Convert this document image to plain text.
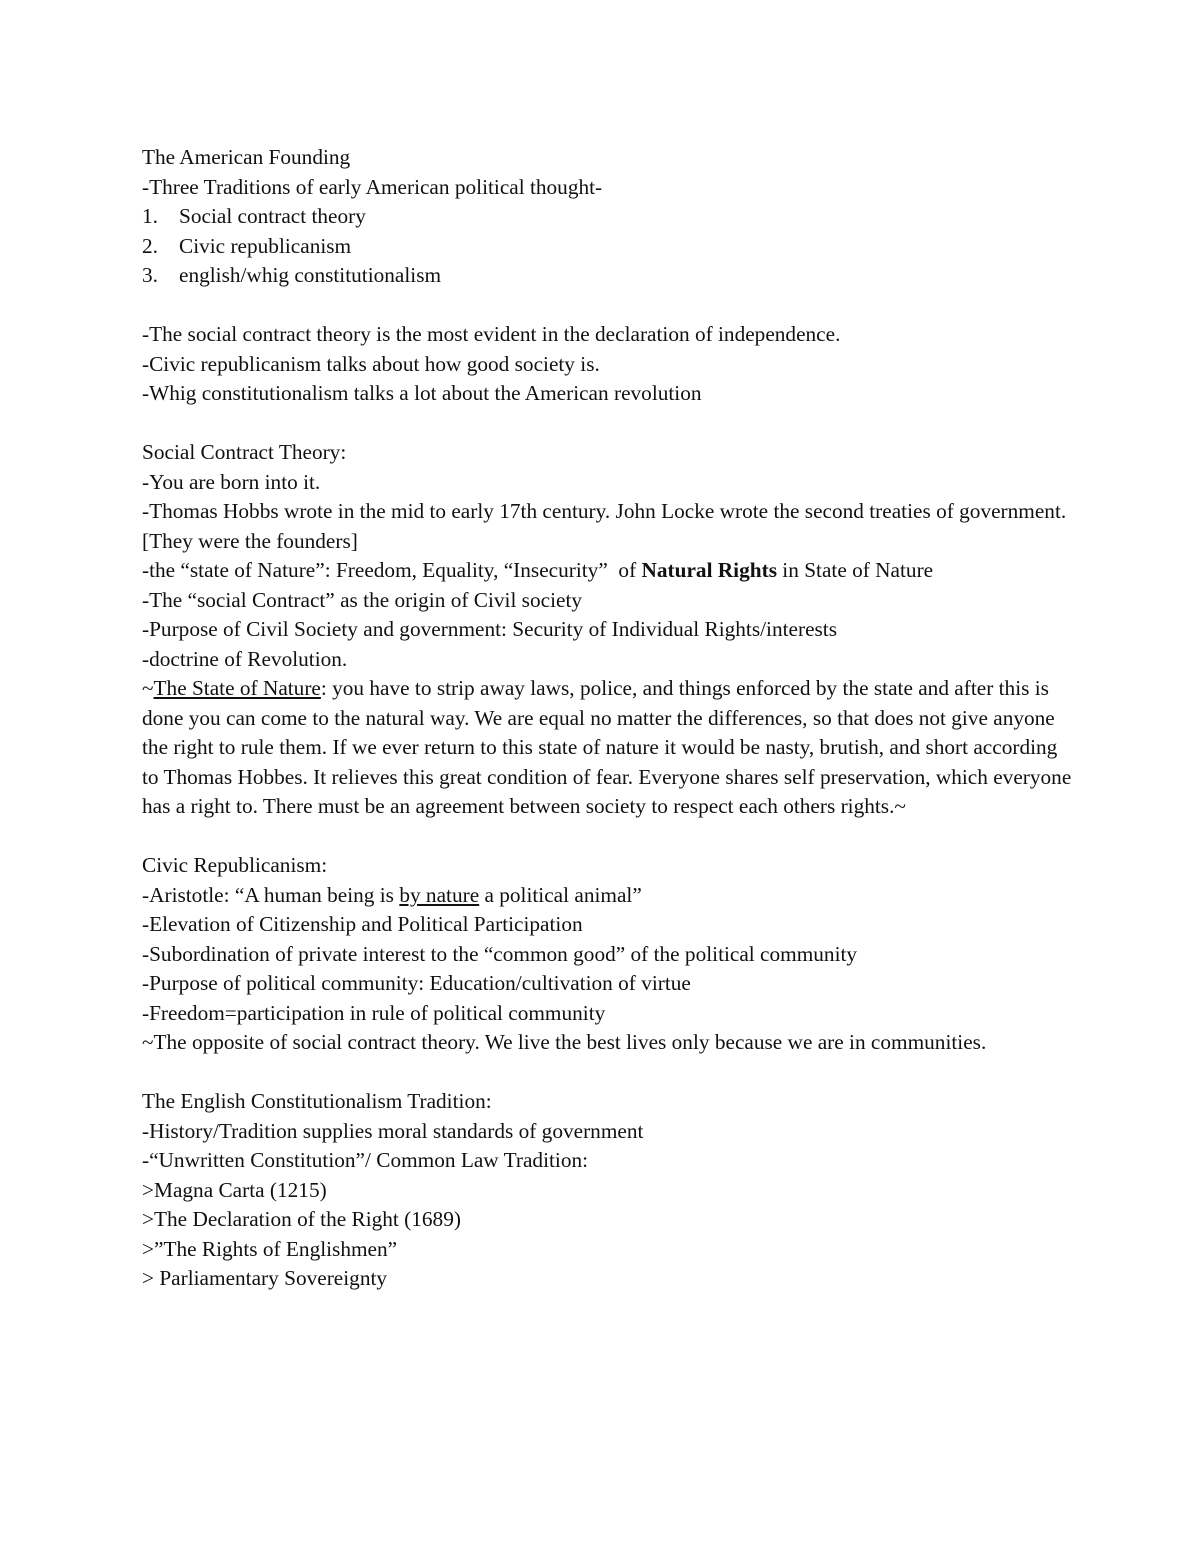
The American Founding
-Three Traditions of early American political thought-
1. Social contract theory
2. Civic republicanism
3. english/whig constitutionalism
-The social contract theory is the most evident in the declaration of independence.
-Civic republicanism talks about how good society is.
-Whig constitutionalism talks a lot about the American revolution
Social Contract Theory:
-You are born into it.
-Thomas Hobbs wrote in the mid to early 17th century. John Locke wrote the second treaties of government. [They were the founders]
-the “state of Nature”: Freedom, Equality, “Insecurity”  of Natural Rights in State of Nature
-The “social Contract” as the origin of Civil society
-Purpose of Civil Society and government: Security of Individual Rights/interests
-doctrine of Revolution.
~The State of Nature: you have to strip away laws, police, and things enforced by the state and after this is done you can come to the natural way. We are equal no matter the differences, so that does not give anyone the right to rule them. If we ever return to this state of nature it would be nasty, brutish, and short according to Thomas Hobbes. It relieves this great condition of fear. Everyone shares self preservation, which everyone has a right to. There must be an agreement between society to respect each others rights.~
Civic Republicanism:
-Aristotle: “A human being is by nature a political animal”
-Elevation of Citizenship and Political Participation
-Subordination of private interest to the “common good” of the political community
-Purpose of political community: Education/cultivation of virtue
-Freedom=participation in rule of political community
~The opposite of social contract theory. We live the best lives only because we are in communities.
The English Constitutionalism Tradition:
-History/Tradition supplies moral standards of government
-“Unwritten Constitution”/ Common Law Tradition:
>Magna Carta (1215)
>The Declaration of the Right (1689)
>”The Rights of Englishmen”
> Parliamentary Sovereignty
